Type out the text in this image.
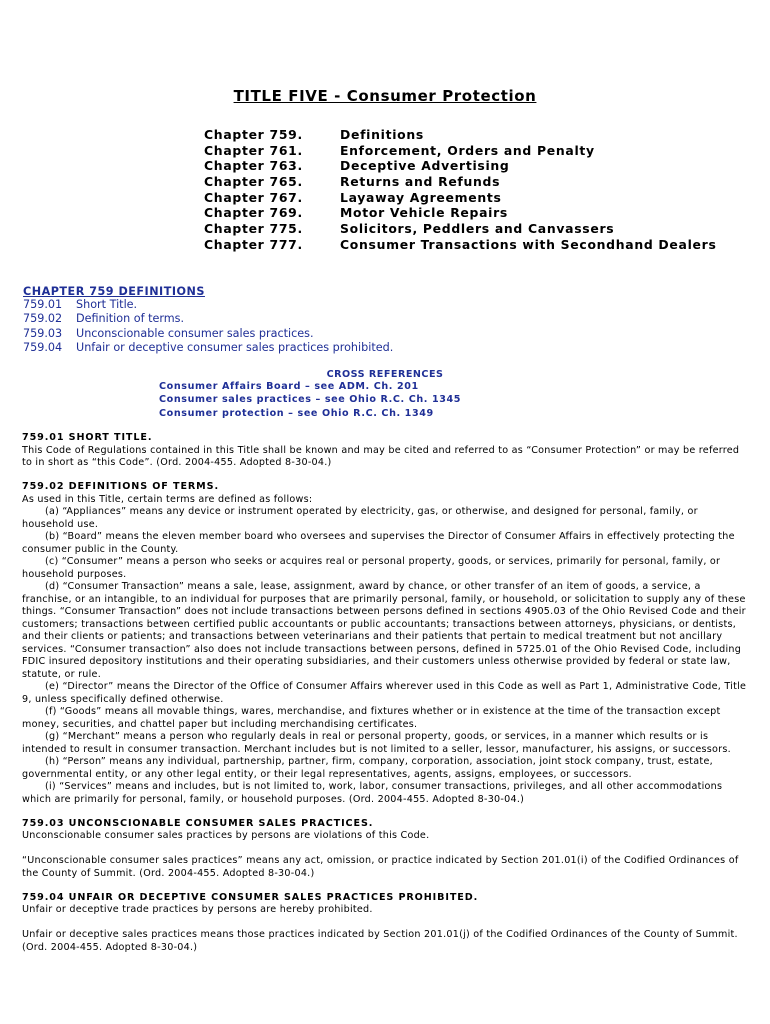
TITLE FIVE - Consumer Protection
Chapter 759.	Definitions
Chapter 761.	Enforcement, Orders and Penalty
Chapter 763.	Deceptive Advertising
Chapter 765.	Returns and Refunds
Chapter 767.	Layaway Agreements
Chapter 769.	Motor Vehicle Repairs
Chapter 775.	Solicitors, Peddlers and Canvassers
Chapter 777.	Consumer Transactions with Secondhand Dealers
CHAPTER 759 DEFINITIONS
759.01 Short Title.
759.02 Definition of terms.
759.03 Unconscionable consumer sales practices.
759.04 Unfair or deceptive consumer sales practices prohibited.
CROSS REFERENCES
Consumer Affairs Board – see ADM. Ch. 201
Consumer sales practices – see Ohio R.C. Ch. 1345
Consumer protection – see Ohio R.C. Ch. 1349

759.01 SHORT TITLE.

This Code of Regulations contained in this Title shall be known and may be cited and referred to as “Consumer Protection” or may be referred to in short as “this Code”. (Ord. 2004-455. Adopted 8-30-04.)

759.02 DEFINITIONS OF TERMS.

As used in this Title, certain terms are defined as follows:

(a) “Appliances” means any device or instrument operated by electricity, gas, or otherwise, and designed for personal, family, or household use.

(b) “Board” means the eleven member board who oversees and supervises the Director of Consumer Affairs in effectively protecting the consumer public in the County.

(c) “Consumer” means a person who seeks or acquires real or personal property, goods, or services, primarily for personal, family, or household purposes.

(d) “Consumer Transaction” means a sale, lease, assignment, award by chance, or other transfer of an item of goods, a service, a franchise, or an intangible, to an individual for purposes that are primarily personal, family, or household, or solicitation to supply any of these things. “Consumer Transaction” does not include transactions between persons defined in sections 4905.03 of the Ohio Revised Code and their customers; transactions between certified public accountants or public accountants; transactions between attorneys, physicians, or dentists, and their clients or patients; and transactions between veterinarians and their patients that pertain to medical treatment but not ancillary services. “Consumer transaction” also does not include transactions between persons, defined in 5725.01 of the Ohio Revised Code, including FDIC insured depository institutions and their operating subsidiaries, and their customers unless otherwise provided by federal or state law, statute, or rule.

(e) “Director” means the Director of the Office of Consumer Affairs wherever used in this Code as well as Part 1, Administrative Code, Title 9, unless specifically defined otherwise.

(f) “Goods” means all movable things, wares, merchandise, and fixtures whether or in existence at the time of the transaction except money, securities, and chattel paper but including merchandising certificates.

(g) “Merchant” means a person who regularly deals in real or personal property, goods, or services, in a manner which results or is intended to result in consumer transaction. Merchant includes but is not limited to a seller, lessor, manufacturer, his assigns, or successors.

(h) “Person” means any individual, partnership, partner, firm, company, corporation, association, joint stock company, trust, estate, governmental entity, or any other legal entity, or their legal representatives, agents, assigns, employees, or successors.

(i) “Services” means and includes, but is not limited to, work, labor, consumer transactions, privileges, and all other accommodations which are primarily for personal, family, or household purposes. (Ord. 2004-455. Adopted 8-30-04.)

759.03 UNCONSCIONABLE CONSUMER SALES PRACTICES.

Unconscionable consumer sales practices by persons are violations of this Code.

“Unconscionable consumer sales practices” means any act, omission, or practice indicated by Section 201.01(i) of the Codified Ordinances of the County of Summit. (Ord. 2004-455. Adopted 8-30-04.)

759.04 UNFAIR OR DECEPTIVE CONSUMER SALES PRACTICES PROHIBITED.

Unfair or deceptive trade practices by persons are hereby prohibited.

Unfair or deceptive sales practices means those practices indicated by Section 201.01(j) of the Codified Ordinances of the County of Summit. (Ord. 2004-455. Adopted 8-30-04.)
